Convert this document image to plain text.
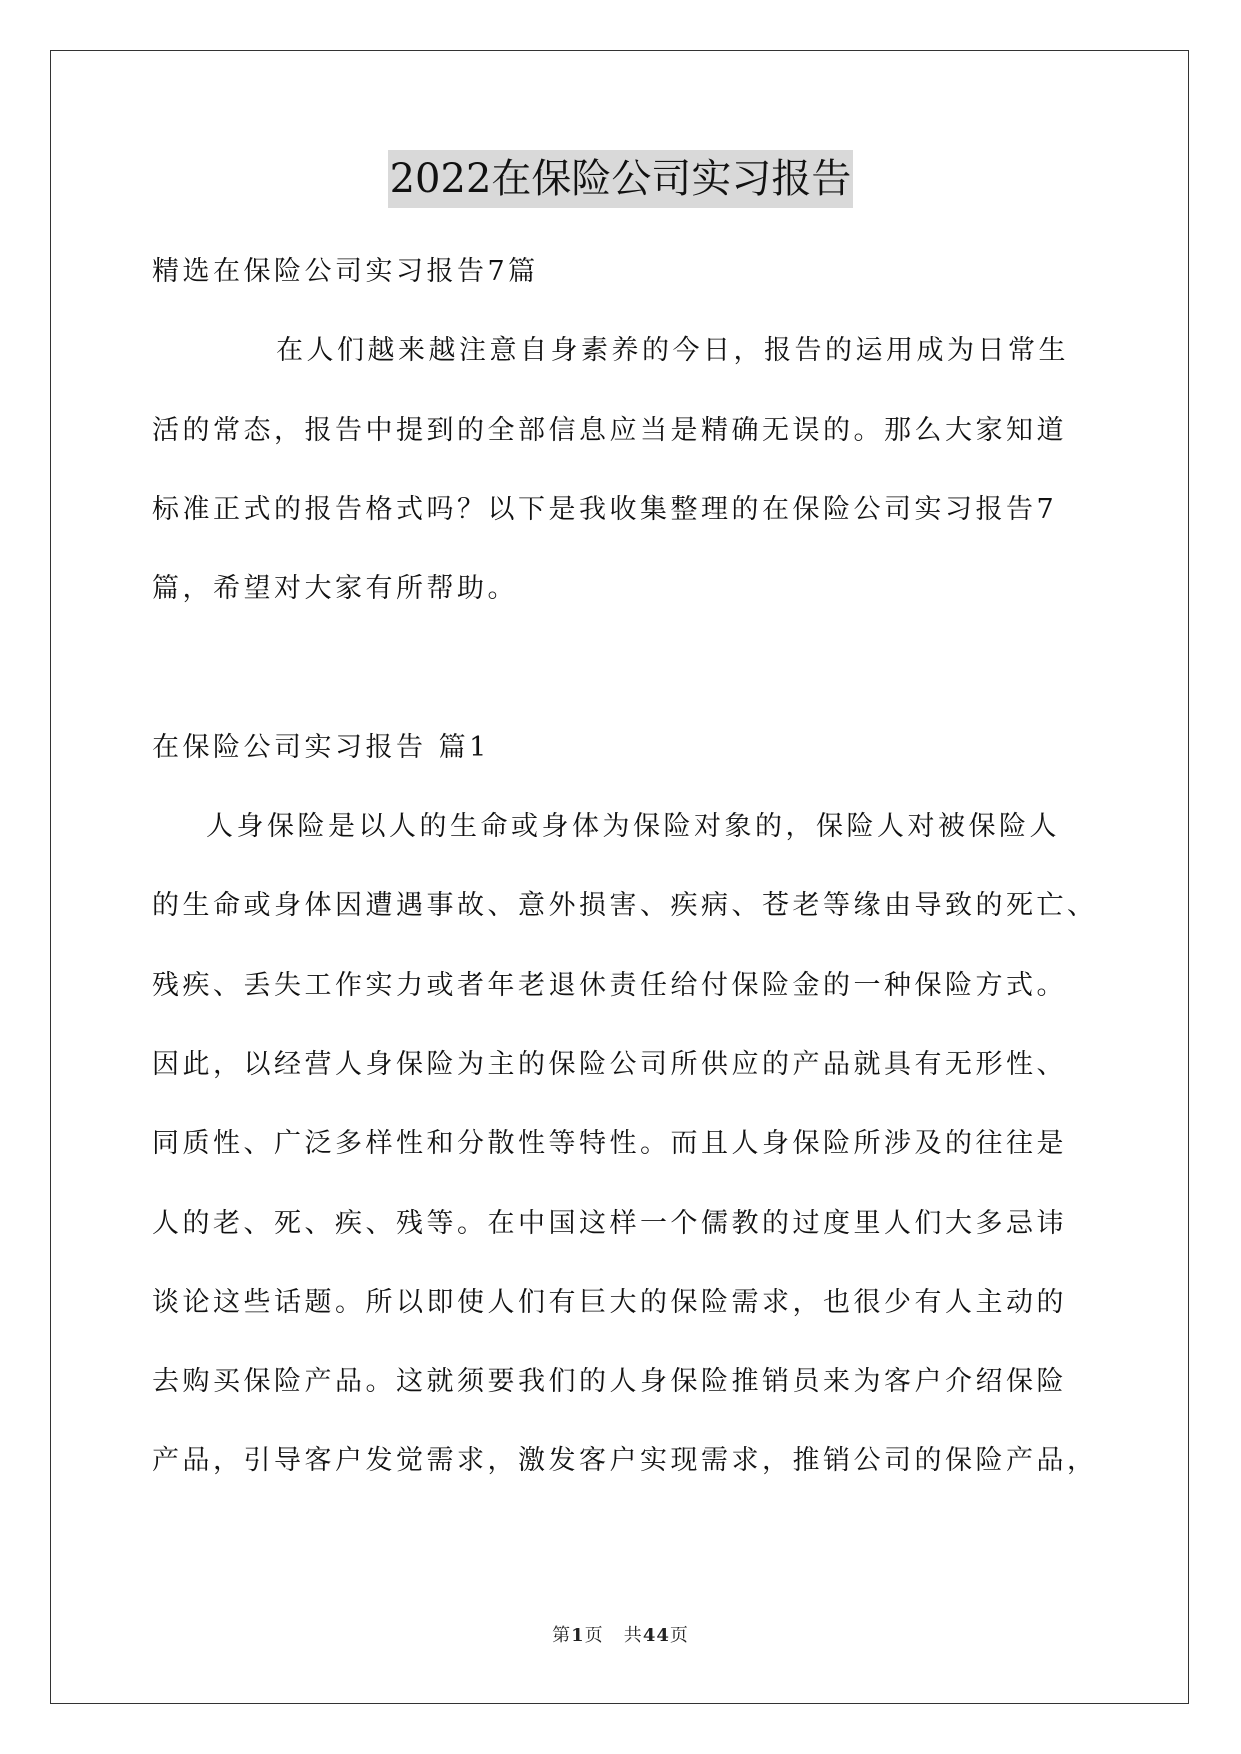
2022在保险公司实习报告

精选在保险公司实习报告7篇

在人们越来越注意自身素养的今日，报告的运用成为日常生

活的常态，报告中提到的全部信息应当是精确无误的。那么大家知道

标准正式的报告格式吗？以下是我收集整理的在保险公司实习报告7

篇，希望对大家有所帮助。

在保险公司实习报告 篇1

人身保险是以人的生命或身体为保险对象的，保险人对被保险人

的生命或身体因遭遇事故、意外损害、疾病、苍老等缘由导致的死亡、

残疾、丢失工作实力或者年老退休责任给付保险金的一种保险方式。

因此，以经营人身保险为主的保险公司所供应的产品就具有无形性、

同质性、广泛多样性和分散性等特性。而且人身保险所涉及的往往是

人的老、死、疾、残等。在中国这样一个儒教的过度里人们大多忌讳

谈论这些话题。所以即使人们有巨大的保险需求，也很少有人主动的

去购买保险产品。这就须要我们的人身保险推销员来为客户介绍保险

产品，引导客户发觉需求，激发客户实现需求，推销公司的保险产品，

第1页   共44页
